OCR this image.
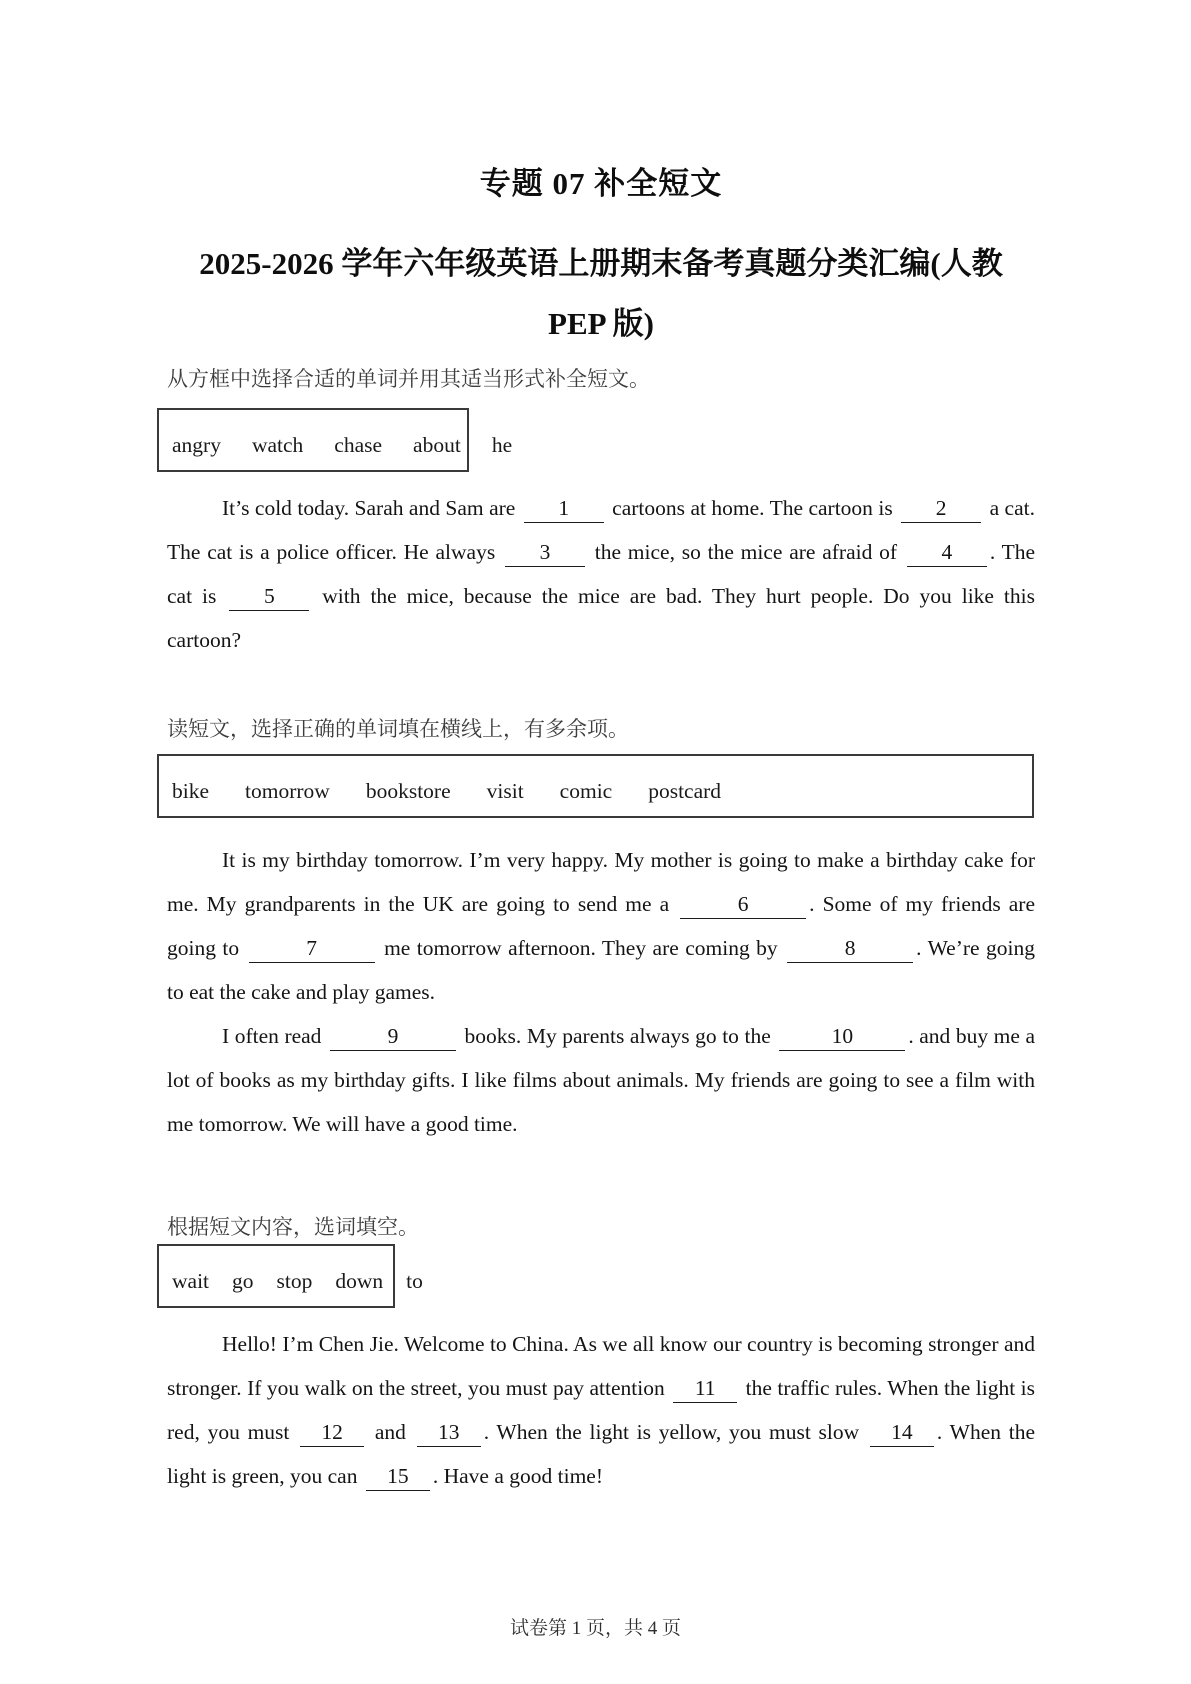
专题 07 补全短文
2025-2026 学年六年级英语上册期末备考真题分类汇编(人教 PEP 版)

从方框中选择合适的单词并用其适当形式补全短文。

angry watch chase about he

It’s cold today. Sarah and Sam are 1 cartoons at home. The cartoon is 2 a cat. The cat is a police officer. He always 3 the mice, so the mice are afraid of 4 . The cat is 5 with the mice, because the mice are bad. They hurt people. Do you like this cartoon?

读短文，选择正确的单词填在横线上，有多余项。

bike tomorrow bookstore visit comic postcard

It is my birthday tomorrow. I’m very happy. My mother is going to make a birthday cake for me. My grandparents in the UK are going to send me a	6	. Some of my friends are going to	7	me tomorrow afternoon. They are coming by	8	. We’re going to eat the cake and play games.

I often read	9	books. My parents always go to the	10	. and buy me a lot of books as my birthday gifts. I like films about animals. My friends are going to see a film with me tomorrow. We will have a good time.

根据短文内容，选词填空。

wait go stop down to

Hello! I’m Chen Jie. Welcome to China. As we all know our country is becoming stronger and stronger. If you walk on the street, you must pay attention 11 the traffic rules. When the light is red, you must 12 and 13 . When the light is yellow, you must slow 14 . When the light is green, you can 15 . Have a good time!

试卷第 1 页，共 4 页
